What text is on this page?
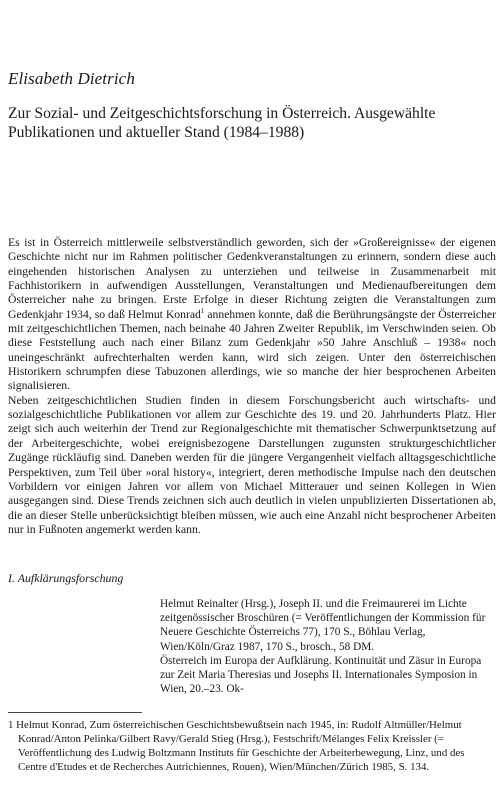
Elisabeth Dietrich
Zur Sozial- und Zeitgeschichtsforschung in Österreich. Ausgewählte Publikationen und aktueller Stand (1984–1988)

Es ist in Österreich mittlerweile selbstverständlich geworden, sich der »Großereignisse« der eigenen Geschichte nicht nur im Rahmen politischer Gedenkveranstaltungen zu erinnern, sondern diese auch eingehenden historischen Analysen zu unterziehen und teilweise in Zusammenarbeit mit Fachhistorikern in aufwendigen Ausstellungen, Veranstaltungen und Medienaufbereitungen dem Österreicher nahe zu bringen. Erste Erfolge in dieser Richtung zeigten die Veranstaltungen zum Gedenkjahr 1934, so daß Helmut Konrad$^1$ annehmen konnte, daß die Berührungsängste der Österreicher mit zeitgeschichtlichen Themen, nach beinahe 40 Jahren Zweiter Republik, im Verschwinden seien. Ob diese Feststellung auch nach einer Bilanz zum Gedenkjahr »50 Jahre Anschluß – 1938« noch uneingeschränkt aufrechterhalten werden kann, wird sich zeigen. Unter den österreichischen Historikern schrumpfen diese Tabuzonen allerdings, wie so manche der hier besprochenen Arbeiten signalisieren.

Neben zeitgeschichtlichen Studien finden in diesem Forschungsbericht auch wirtschafts- und sozialgeschichtliche Publikationen vor allem zur Geschichte des 19. und 20. Jahrhunderts Platz. Hier zeigt sich auch weiterhin der Trend zur Regionalgeschichte mit thematischer Schwerpunktsetzung auf der Arbeitergeschichte, wobei ereignisbezogene Darstellungen zugunsten strukturgeschichtlicher Zugänge rückläufig sind. Daneben werden für die jüngere Vergangenheit vielfach alltagsgeschichtliche Perspektiven, zum Teil über »oral history«, integriert, deren methodische Impulse nach den deutschen Vorbildern vor einigen Jahren vor allem von Michael Mitterauer und seinen Kollegen in Wien ausgegangen sind. Diese Trends zeichnen sich auch deutlich in vielen unpublizierten Dissertationen ab, die an dieser Stelle unberücksichtigt bleiben müssen, wie auch eine Anzahl nicht besprochener Arbeiten nur in Fußnoten angemerkt werden kann.

I. Aufklärungsforschung

Helmut Reinalter (Hrsg.), Joseph II. und die Freimaurerei im Lichte zeitgenössischer Broschüren (= Veröffentlichungen der Kommission für Neuere Geschichte Österreichs 77), 170 S., Böhlau Verlag, Wien/Köln/Graz 1987, 170 S., brosch., 58 DM.

Österreich im Europa der Aufklärung. Kontinuität und Zäsur in Europa zur Zeit Maria Theresias und Josephs II. Internationales Symposion in Wien, 20.–23. Ok-

1 Helmut Konrad, Zum österreichischen Geschichtsbewußtsein nach 1945, in: Rudolf Altmüller/Helmut Konrad/Anton Pelinka/Gilbert Ravy/Gerald Stieg (Hrsg.), Festschrift/Mélanges Felix Kreissler (= Veröffentlichung des Ludwig Boltzmann Instituts für Geschichte der Arbeiterbewegung, Linz, und des Centre d'Etudes et de Recherches Autrichiennes, Rouen), Wien/München/Zürich 1985, S. 134.
